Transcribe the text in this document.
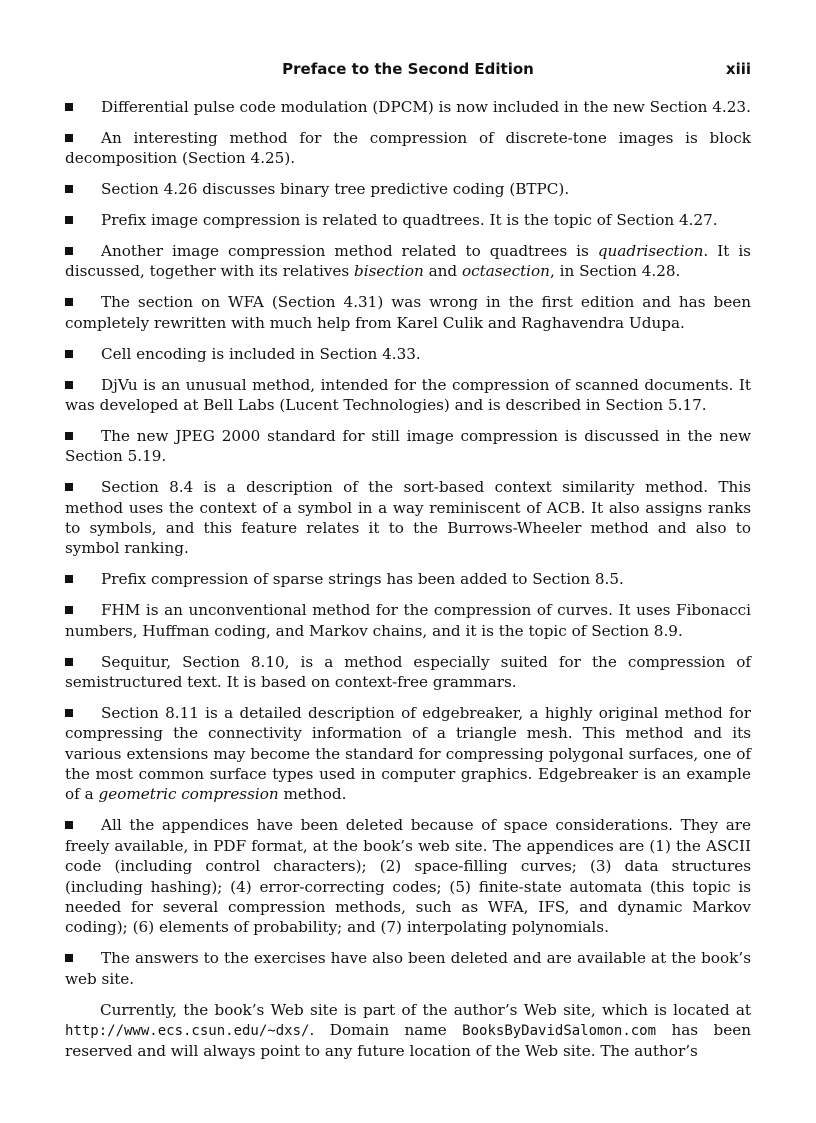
Preface to the Second Edition	xiii

Differential pulse code modulation (DPCM) is now included in the new Section 4.23.

An interesting method for the compression of discrete-tone images is block decomposition (Section 4.25).

Section 4.26 discusses binary tree predictive coding (BTPC).

Prefix image compression is related to quadtrees. It is the topic of Section 4.27.

Another image compression method related to quadtrees is quadrisection. It is discussed, together with its relatives bisection and octasection, in Section 4.28.

The section on WFA (Section 4.31) was wrong in the first edition and has been completely rewritten with much help from Karel Culik and Raghavendra Udupa.

Cell encoding is included in Section 4.33.

DjVu is an unusual method, intended for the compression of scanned documents. It was developed at Bell Labs (Lucent Technologies) and is described in Section 5.17.

The new JPEG 2000 standard for still image compression is discussed in the new Section 5.19.

Section 8.4 is a description of the sort-based context similarity method. This method uses the context of a symbol in a way reminiscent of ACB. It also assigns ranks to symbols, and this feature relates it to the Burrows-Wheeler method and also to symbol ranking.

Prefix compression of sparse strings has been added to Section 8.5.

FHM is an unconventional method for the compression of curves. It uses Fibonacci numbers, Huffman coding, and Markov chains, and it is the topic of Section 8.9.

Sequitur, Section 8.10, is a method especially suited for the compression of semistructured text. It is based on context-free grammars.

Section 8.11 is a detailed description of edgebreaker, a highly original method for compressing the connectivity information of a triangle mesh. This method and its various extensions may become the standard for compressing polygonal surfaces, one of the most common surface types used in computer graphics. Edgebreaker is an example of a geometric compression method.

All the appendices have been deleted because of space considerations. They are freely available, in PDF format, at the book’s web site. The appendices are (1) the ASCII code (including control characters); (2) space-filling curves; (3) data structures (including hashing); (4) error-correcting codes; (5) finite-state automata (this topic is needed for several compression methods, such as WFA, IFS, and dynamic Markov coding); (6) elements of probability; and (7) interpolating polynomials.

The answers to the exercises have also been deleted and are available at the book’s web site.

Currently, the book’s Web site is part of the author’s Web site, which is located at http://www.ecs.csun.edu/~dxs/. Domain name BooksByDavidSalomon.com has been reserved and will always point to any future location of the Web site. The author’s
